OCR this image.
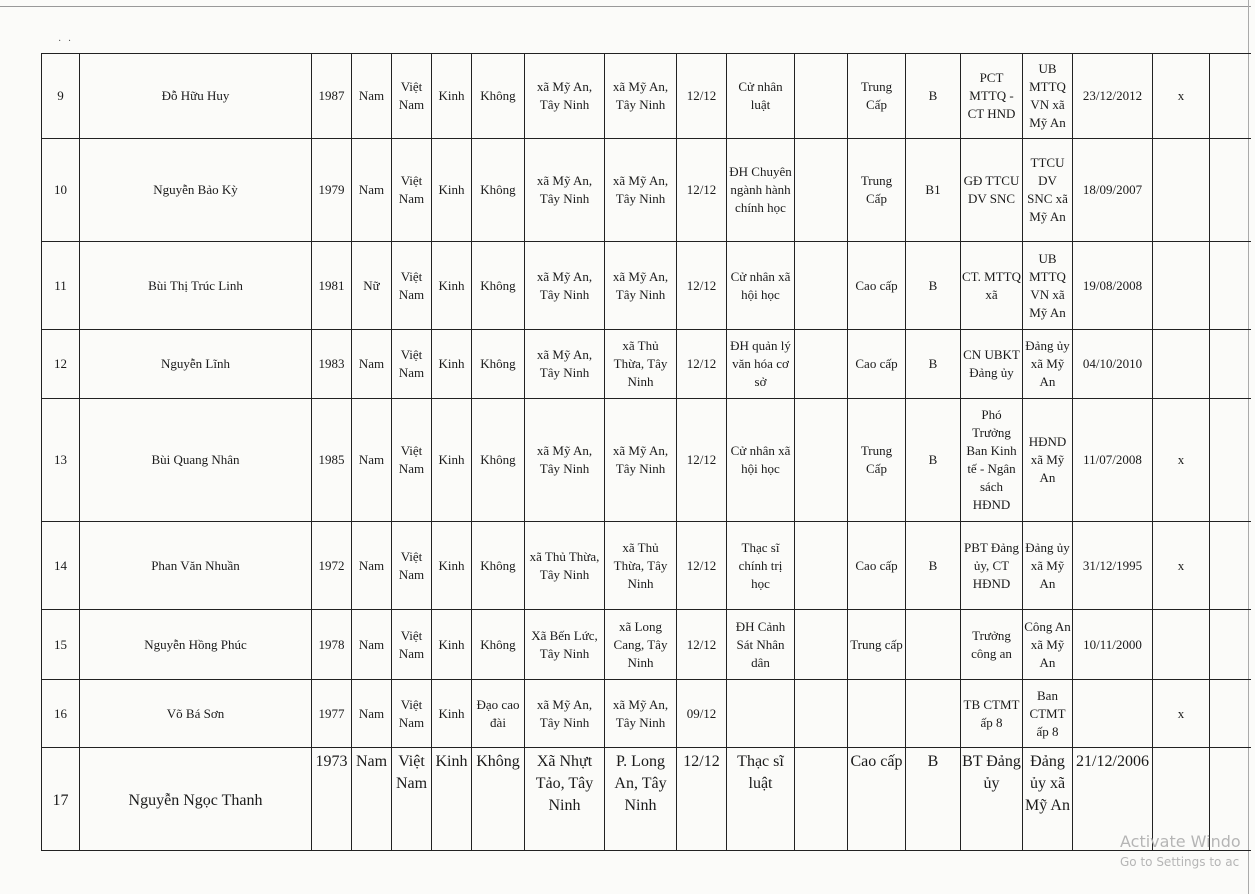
· ·
9	Đỗ Hữu Huy	1987	Nam	Việt Nam	Kinh	Không	xã Mỹ An, Tây Ninh	xã Mỹ An, Tây Ninh	12/12	Cử nhân luật		Trung Cấp	B	PCT MTTQ - CT HND	UB MTTQ VN xã Mỹ An	23/12/2012	x	
10	Nguyễn Bảo Kỳ	1979	Nam	Việt Nam	Kinh	Không	xã Mỹ An, Tây Ninh	xã Mỹ An, Tây Ninh	12/12	ĐH Chuyên ngành hành chính học		Trung Cấp	B1	GĐ TTCU DV SNC	TTCU DV SNC xã Mỹ An	18/09/2007		
11	Bùi Thị Trúc Linh	1981	Nữ	Việt Nam	Kinh	Không	xã Mỹ An, Tây Ninh	xã Mỹ An, Tây Ninh	12/12	Cử nhân xã hội học		Cao cấp	B	CT. MTTQ xã	UB MTTQ VN xã Mỹ An	19/08/2008		
12	Nguyễn Lĩnh	1983	Nam	Việt Nam	Kinh	Không	xã Mỹ An, Tây Ninh	xã Thủ Thừa, Tây Ninh	12/12	ĐH quản lý văn hóa cơ sở		Cao cấp	B	CN UBKT Đảng ủy	Đảng ủy xã Mỹ An	04/10/2010		
13	Bùi Quang Nhân	1985	Nam	Việt Nam	Kinh	Không	xã Mỹ An, Tây Ninh	xã Mỹ An, Tây Ninh	12/12	Cử nhân xã hội học		Trung Cấp	B	Phó Trưởng Ban Kinh tế - Ngân sách HĐND	HĐND xã Mỹ An	11/07/2008	x	
14	Phan Văn Nhuần	1972	Nam	Việt Nam	Kinh	Không	xã Thủ Thừa, Tây Ninh	xã Thủ Thừa, Tây Ninh	12/12	Thạc sĩ chính trị học		Cao cấp	B	PBT Đảng ủy, CT HĐND	Đảng ủy xã Mỹ An	31/12/1995	x	
15	Nguyễn Hồng Phúc	1978	Nam	Việt Nam	Kinh	Không	Xã Bến Lức, Tây Ninh	xã Long Cang, Tây Ninh	12/12	ĐH Cảnh Sát Nhân dân		Trung cấp		Trưởng công an	Công An xã Mỹ An	10/11/2000		
16	Võ Bá Sơn	1977	Nam	Việt Nam	Kinh	Đạo cao đài	xã Mỹ An, Tây Ninh	xã Mỹ An, Tây Ninh	09/12					TB CTMT ấp 8	Ban CTMT ấp 8		x	
17	Nguyễn Ngọc Thanh	1973	Nam	Việt Nam	Kinh	Không	Xã Nhựt Tảo, Tây Ninh	P. Long An, Tây Ninh	12/12	Thạc sĩ luật		Cao cấp	B	BT Đảng ủy	Đảng ủy xã Mỹ An	21/12/2006		
Activate Windo
Go to Settings to ac
